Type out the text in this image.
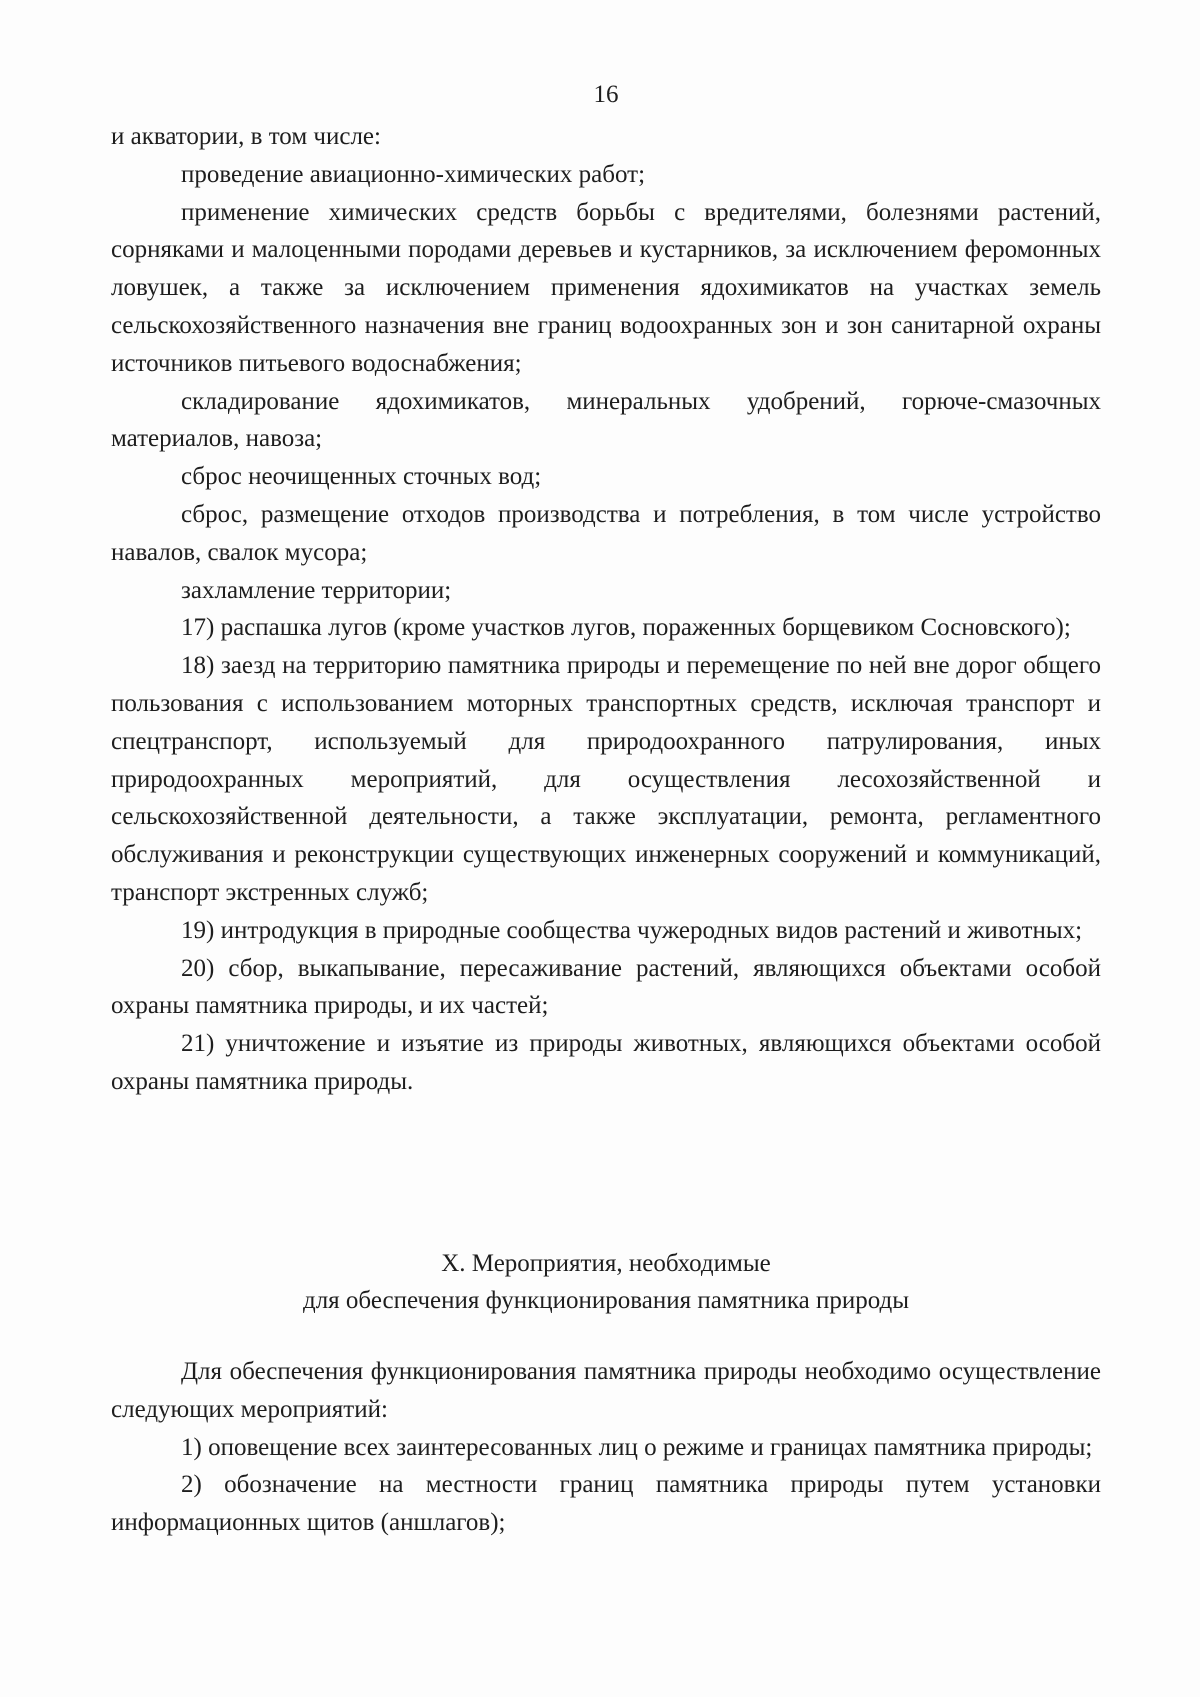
16

и акватории, в том числе:

проведение авиационно-химических работ;

применение химических средств борьбы с вредителями, болезнями растений, сорняками и малоценными породами деревьев и кустарников, за исключением феромонных ловушек, а также за исключением применения ядохимикатов на участках земель сельскохозяйственного назначения вне границ водоохранных зон и зон санитарной охраны источников питьевого водоснабжения;

складирование ядохимикатов, минеральных удобрений, горюче-смазочных материалов, навоза;

сброс неочищенных сточных вод;

сброс, размещение отходов производства и потребления, в том числе устройство навалов, свалок мусора;

захламление территории;

17) распашка лугов (кроме участков лугов, пораженных борщевиком Сосновского);

18) заезд на территорию памятника природы и перемещение по ней вне дорог общего пользования с использованием моторных транспортных средств, исключая транспорт и спецтранспорт, используемый для природоохранного патрулирования, иных природоохранных мероприятий, для осуществления лесохозяйственной и сельскохозяйственной деятельности, а также эксплуатации, ремонта, регламентного обслуживания и реконструкции существующих инженерных сооружений и коммуникаций, транспорт экстренных служб;

19) интродукция в природные сообщества чужеродных видов растений и животных;

20) сбор, выкапывание, пересаживание растений, являющихся объектами особой охраны памятника природы, и их частей;

21) уничтожение и изъятие из природы животных, являющихся объектами особой охраны памятника природы.

X. Мероприятия, необходимые
для обеспечения функционирования памятника природы

Для обеспечения функционирования памятника природы необходимо осуществление следующих мероприятий:

1) оповещение всех заинтересованных лиц о режиме и границах памятника природы;

2) обозначение на местности границ памятника природы путем установки информационных щитов (аншлагов);
